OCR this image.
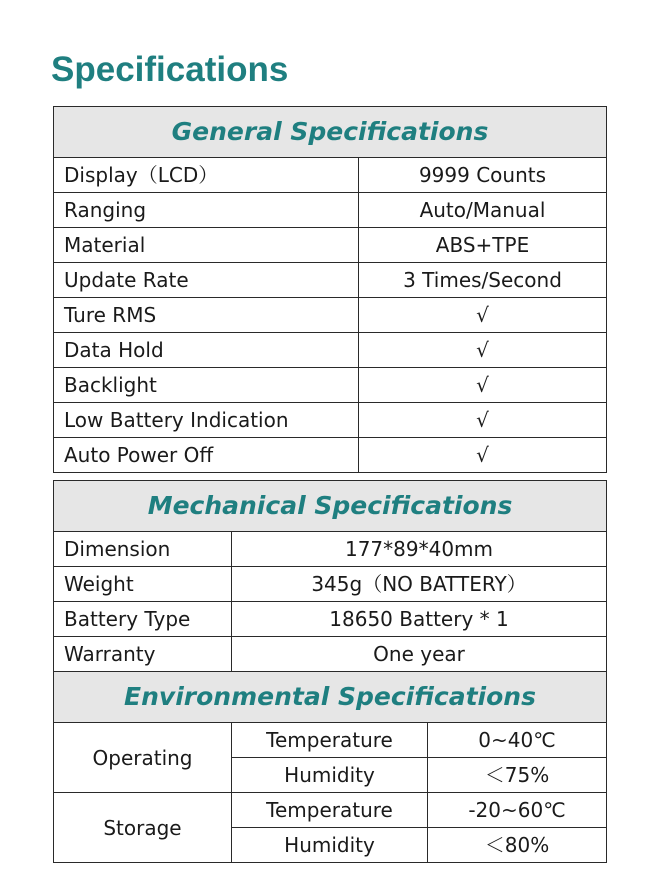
Specifications
General Specifications	
Display（LCD）	9999 Counts
Ranging	Auto/Manual
Material	ABS+TPE
Update Rate	3 Times/Second
Ture RMS	√
Data Hold	√
Backlight	√
Low Battery Indication	√
Auto Power Off	√
Mechanical Specifications	
Dimension	177*89*40mm
Weight	345g（NO BATTERY）
Battery Type	18650 Battery * 1
Warranty	One year
Environmental Specifications		
Operating	Temperature	0~40℃
	Humidity	＜75%
Storage	Temperature	-20~60℃
	Humidity	＜80%
